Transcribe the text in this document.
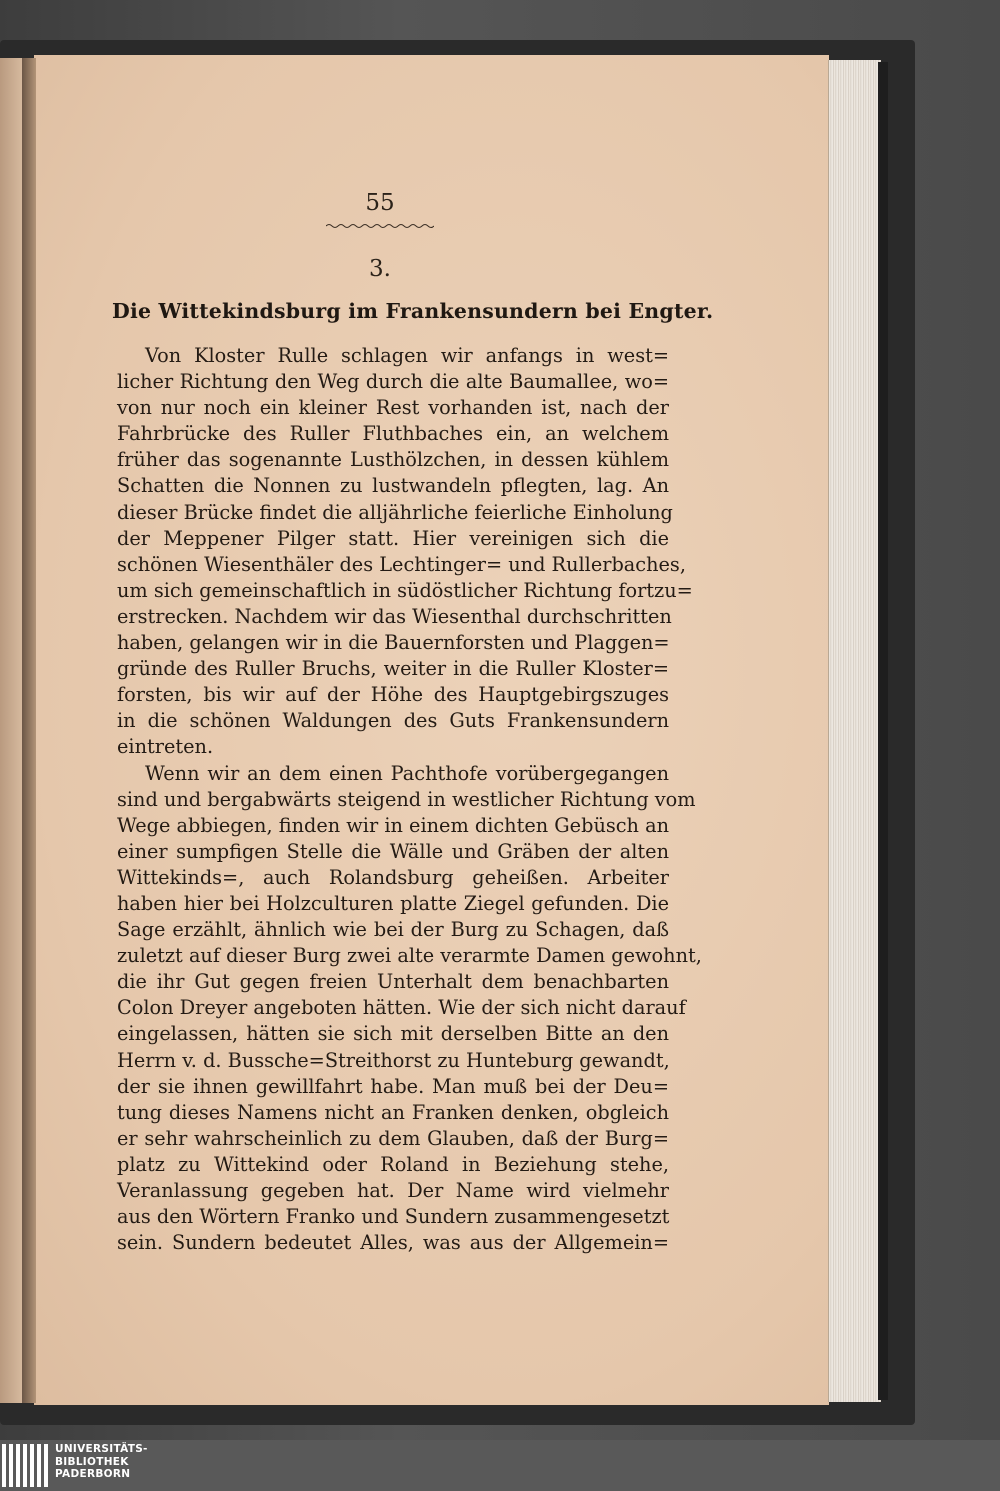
55
3.
Die Wittekindsburg im Frankensundern bei Engter.
Von Kloster Rulle schlagen wir anfangs in west=
licher Richtung den Weg durch die alte Baumallee, wo=
von nur noch ein kleiner Rest vorhanden ist, nach der
Fahrbrücke des Ruller Fluthbaches ein, an welchem
früher das sogenannte Lusthölzchen, in dessen kühlem
Schatten die Nonnen zu lustwandeln pflegten, lag. An
dieser Brücke findet die alljährliche feierliche Einholung
der Meppener Pilger statt. Hier vereinigen sich die
schönen Wiesenthäler des Lechtinger= und Rullerbaches,
um sich gemeinschaftlich in südöstlicher Richtung fortzu=
erstrecken. Nachdem wir das Wiesenthal durchschritten
haben, gelangen wir in die Bauernforsten und Plaggen=
gründe des Ruller Bruchs, weiter in die Ruller Kloster=
forsten, bis wir auf der Höhe des Hauptgebirgszuges
in die schönen Waldungen des Guts Frankensundern
eintreten.
Wenn wir an dem einen Pachthofe vorübergegangen
sind und bergabwärts steigend in westlicher Richtung vom
Wege abbiegen, finden wir in einem dichten Gebüsch an
einer sumpfigen Stelle die Wälle und Gräben der alten
Wittekinds=, auch Rolandsburg geheißen. Arbeiter
haben hier bei Holzculturen platte Ziegel gefunden. Die
Sage erzählt, ähnlich wie bei der Burg zu Schagen, daß
zuletzt auf dieser Burg zwei alte verarmte Damen gewohnt,
die ihr Gut gegen freien Unterhalt dem benachbarten
Colon Dreyer angeboten hätten. Wie der sich nicht darauf
eingelassen, hätten sie sich mit derselben Bitte an den
Herrn v. d. Bussche=Streithorst zu Hunteburg gewandt,
der sie ihnen gewillfahrt habe. Man muß bei der Deu=
tung dieses Namens nicht an Franken denken, obgleich
er sehr wahrscheinlich zu dem Glauben, daß der Burg=
platz zu Wittekind oder Roland in Beziehung stehe,
Veranlassung gegeben hat. Der Name wird vielmehr
aus den Wörtern Franko und Sundern zusammengesetzt
sein. Sundern bedeutet Alles, was aus der Allgemein=
UNIVERSITÄTS-
BIBLIOTHEK
PADERBORN
